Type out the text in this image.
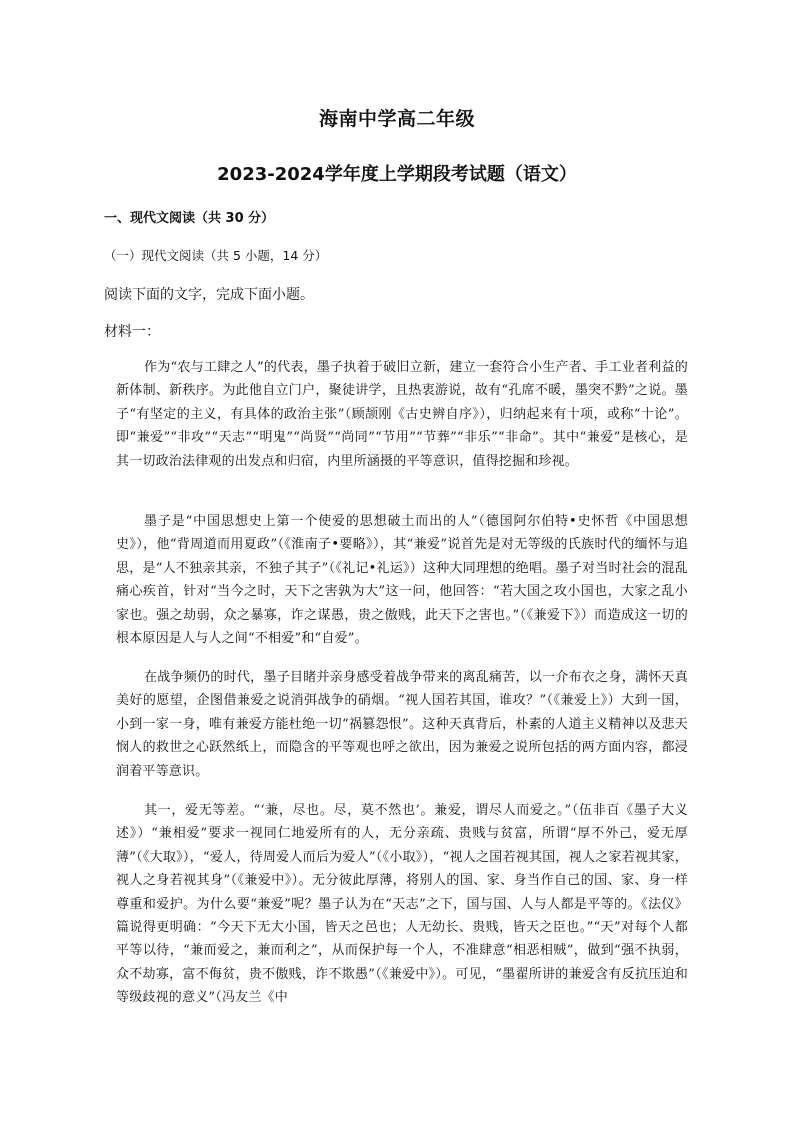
海南中学高二年级
2023-2024学年度上学期段考试题（语文）
一、现代文阅读（共 30 分）
（一）现代文阅读（共 5 小题，14 分）
阅读下面的文字，完成下面小题。
材料一：

作为“农与工肆之人”的代表，墨子执着于破旧立新，建立一套符合小生产者、手工业者利益的新体制、新秩序。为此他自立门户，聚徒讲学，且热衷游说，故有“孔席不暖，墨突不黔”之说。墨子“有坚定的主义，有具体的政治主张”（顾颉刚《古史辨自序》），归纳起来有十项，或称“十论”。即“兼爱”“非攻”“天志”“明鬼”“尚贤”“尚同”“节用”“节葬”“非乐”“非命”。其中“兼爱”是核心，是其一切政治法律观的出发点和归宿，内里所涵摄的平等意识，值得挖掘和珍视。

墨子是“中国思想史上第一个使爱的思想破土而出的人”（德国阿尔伯特•史怀哲《中国思想史》），他“背周道而用夏政”（《淮南子•要略》），其“兼爱”说首先是对无等级的氏族时代的缅怀与追思，是“人不独亲其亲，不独子其子”（《礼记•礼运》）这种大同理想的绝唱。墨子对当时社会的混乱痛心疾首，针对“当今之时，天下之害孰为大”这一问，他回答：“若大国之攻小国也，大家之乱小家也。强之劫弱，众之暴寡，诈之谋愚，贵之傲贱，此天下之害也。”（《兼爱下》）而造成这一切的根本原因是人与人之间“不相爱”和“自爱”。

在战争频仍的时代，墨子目睹并亲身感受着战争带来的离乱痛苦，以一介布衣之身，满怀天真美好的愿望，企图借兼爱之说消弭战争的硝烟。“视人国若其国，谁攻？”（《兼爱上》）大到一国，小到一家一身，唯有兼爱方能杜绝一切“祸篡怨恨”。这种天真背后，朴素的人道主义精神以及悲天悯人的救世之心跃然纸上，而隐含的平等观也呼之欲出，因为兼爱之说所包括的两方面内容，都浸润着平等意识。

其一，爱无等差。“‘兼，尽也。尽，莫不然也’。兼爱，谓尽人而爱之。”（伍非百《墨子大义述》）“兼相爱”要求一视同仁地爱所有的人，无分亲疏、贵贱与贫富，所谓“厚不外己，爱无厚薄”（《大取》），“爱人，待周爱人而后为爱人”（《小取》），“视人之国若视其国，视人之家若视其家，视人之身若视其身”（《兼爱中》）。无分彼此厚薄，将别人的国、家、身当作自己的国、家、身一样尊重和爱护。为什么要“兼爱”呢？墨子认为在“天志”之下，国与国、人与人都是平等的。《法仪》篇说得更明确：“今天下无大小国，皆天之邑也；人无幼长、贵贱，皆天之臣也。”“天”对每个人都平等以待，“兼而爱之，兼而利之”，从而保护每一个人，不准肆意“相恶相贼”，做到“强不执弱，众不劫寡，富不侮贫，贵不傲贱，诈不欺愚”（《兼爱中》）。可见，“墨翟所讲的兼爱含有反抗压迫和等级歧视的意义”（冯友兰《中
